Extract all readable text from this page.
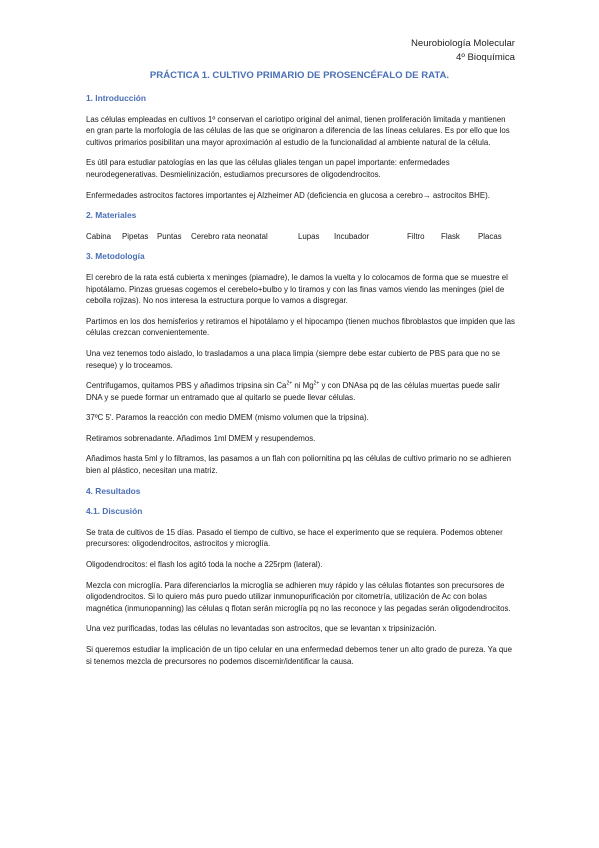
Neurobiología Molecular
4º Bioquímica
PRÁCTICA 1. CULTIVO PRIMARIO DE PROSENCÉFALO DE RATA.
1. Introducción

Las células empleadas en cultivos 1º conservan el cariotipo original del animal, tienen proliferación limitada y mantienen en gran parte la morfología de las células de las que se originaron a diferencia de las líneas celulares. Es por ello que los cultivos primarios posibilitan una mayor aproximación al estudio de la funcionalidad al ambiente natural de la célula.

Es útil para estudiar patologías en las que las células gliales tengan un papel importante: enfermedades neurodegenerativas. Desmielinización, estudiamos precursores de oligodendrocitos.

Enfermedades astrocitos factores importantes ej Alzheimer AD (deficiencia en glucosa a cerebro→ astrocitos BHE).

2. Materiales
Cabina	Pipetas	Puntas	Cerebro rata neonatal	Lupas	Incubador	Filtro	Flask	Placas
3. Metodología

El cerebro de la rata está cubierta x meninges (piamadre), le damos la vuelta y lo colocamos de forma que se muestre el hipotálamo. Pinzas gruesas cogemos el cerebelo+bulbo y lo tiramos y con las finas vamos viendo las meninges (piel de cebolla rojizas). No nos interesa la estructura porque lo vamos a disgregar.

Partimos en los dos hemisferios y retiramos el hipotálamo y el hipocampo (tienen muchos fibroblastos que impiden que las células crezcan convenientemente.

Una vez tenemos todo aislado, lo trasladamos a una placa limpia (siempre debe estar cubierto de PBS para que no se reseque) y lo troceamos.

Centrifugamos, quitamos PBS y añadimos tripsina $\sin Ca^{2+}$ ni $Mg^{2+}$ y con DNAsa pq de las células muertas puede salir DNA y se puede formar un entramado que al quitarlo se puede llevar células.

37ºC 5'. Paramos la reacción con medio DMEM (mismo volumen que la tripsina).

Retiramos sobrenadante. Añadimos 1ml DMEM y resupendemos.

Añadimos hasta 5ml y lo filtramos, las pasamos a un flah con poliornitina pq las células de cultivo primario no se adhieren bien al plástico, necesitan una matriz.

4. Resultados
4.1. Discusión

Se trata de cultivos de 15 días. Pasado el tiempo de cultivo, se hace el experimento que se requiera. Podemos obtener precursores: oligodendrocitos, astrocitos y microglía.

Oligodendrocitos: el flash los agitó toda la noche a 225rpm (lateral).

Mezcla con microglía. Para diferenciarlos la microglía se adhieren muy rápido y las células flotantes son precursores de oligodendrocitos. Si lo quiero más puro puedo utilizar inmunopurificación por citometría, utilización de Ac con bolas magnética (inmunopanning) las células q flotan serán microglía pq no las reconoce y las pegadas serán oligodendrocitos.

Una vez purificadas, todas las células no levantadas son astrocitos, que se levantan x tripsinización.

Si queremos estudiar la implicación de un tipo celular en una enfermedad debemos tener un alto grado de pureza. Ya que si tenemos mezcla de precursores no podemos discernir/identificar la causa.
